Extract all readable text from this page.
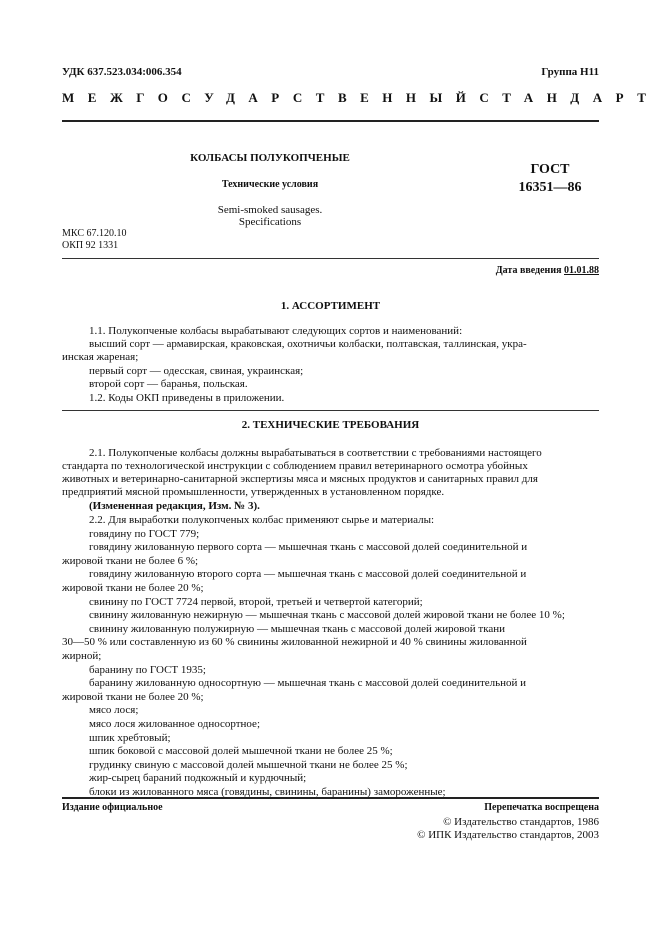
УДК 637.523.034:006.354	Группа Н11
МЕЖГОСУДАРСТВЕННЫЙ СТАНДАРТ
КОЛБАСЫ ПОЛУКОПЧЕНЫЕ
Технические условия
Semi-smoked sausages.
Specifications
ГОСТ
16351—86
МКС 67.120.10
ОКП 92 1331
Дата введения 01.01.88
1. АССОРТИМЕНТ
1.1. Полукопченые колбасы вырабатывают следующих сортов и наименований:
высший сорт — армавирская, краковская, охотничьи колбаски, полтавская, таллинская, укра-
инская жареная;
первый сорт — одесская, свиная, украинская;
второй сорт — баранья, польская.
1.2. Коды ОКП приведены в приложении.
2. ТЕХНИЧЕСКИЕ ТРЕБОВАНИЯ
2.1. Полукопченые колбасы должны вырабатываться в соответствии с требованиями настоящего
стандарта по технологической инструкции с соблюдением правил ветеринарного осмотра убойных
животных и ветеринарно-санитарной экспертизы мяса и мясных продуктов и санитарных правил для
предприятий мясной промышленности, утвержденных в установленном порядке.
(Измененная редакция, Изм. № 3).
2.2. Для выработки полукопченых колбас применяют сырье и материалы:
говядину по ГОСТ 779;
говядину жилованную первого сорта — мышечная ткань с массовой долей соединительной и
жировой ткани не более 6 %;
говядину жилованную второго сорта — мышечная ткань с массовой долей соединительной и
жировой ткани не более 20 %;
свинину по ГОСТ 7724 первой, второй, третьей и четвертой категорий;
свинину жилованную нежирную — мышечная ткань с массовой долей жировой ткани не более 10 %;
свинину жилованную полужирную — мышечная ткань с массовой долей жировой ткани
30—50 % или составленную из 60 % свинины жилованной нежирной и 40 % свинины жилованной
жирной;
баранину по ГОСТ 1935;
баранину жилованную односортную — мышечная ткань с массовой долей соединительной и
жировой ткани не более 20 %;
мясо лося;
мясо лося жилованное односортное;
шпик хребтовый;
шпик боковой с массовой долей мышечной ткани не более 25 %;
грудинку свиную с массовой долей мышечной ткани не более 25 %;
жир-сырец бараний подкожный и курдючный;
блоки из жилованного мяса (говядины, свинины, баранины) замороженные;
Издание официальное	Перепечатка воспрещена
© Издательство стандартов, 1986
© ИПК Издательство стандартов, 2003
